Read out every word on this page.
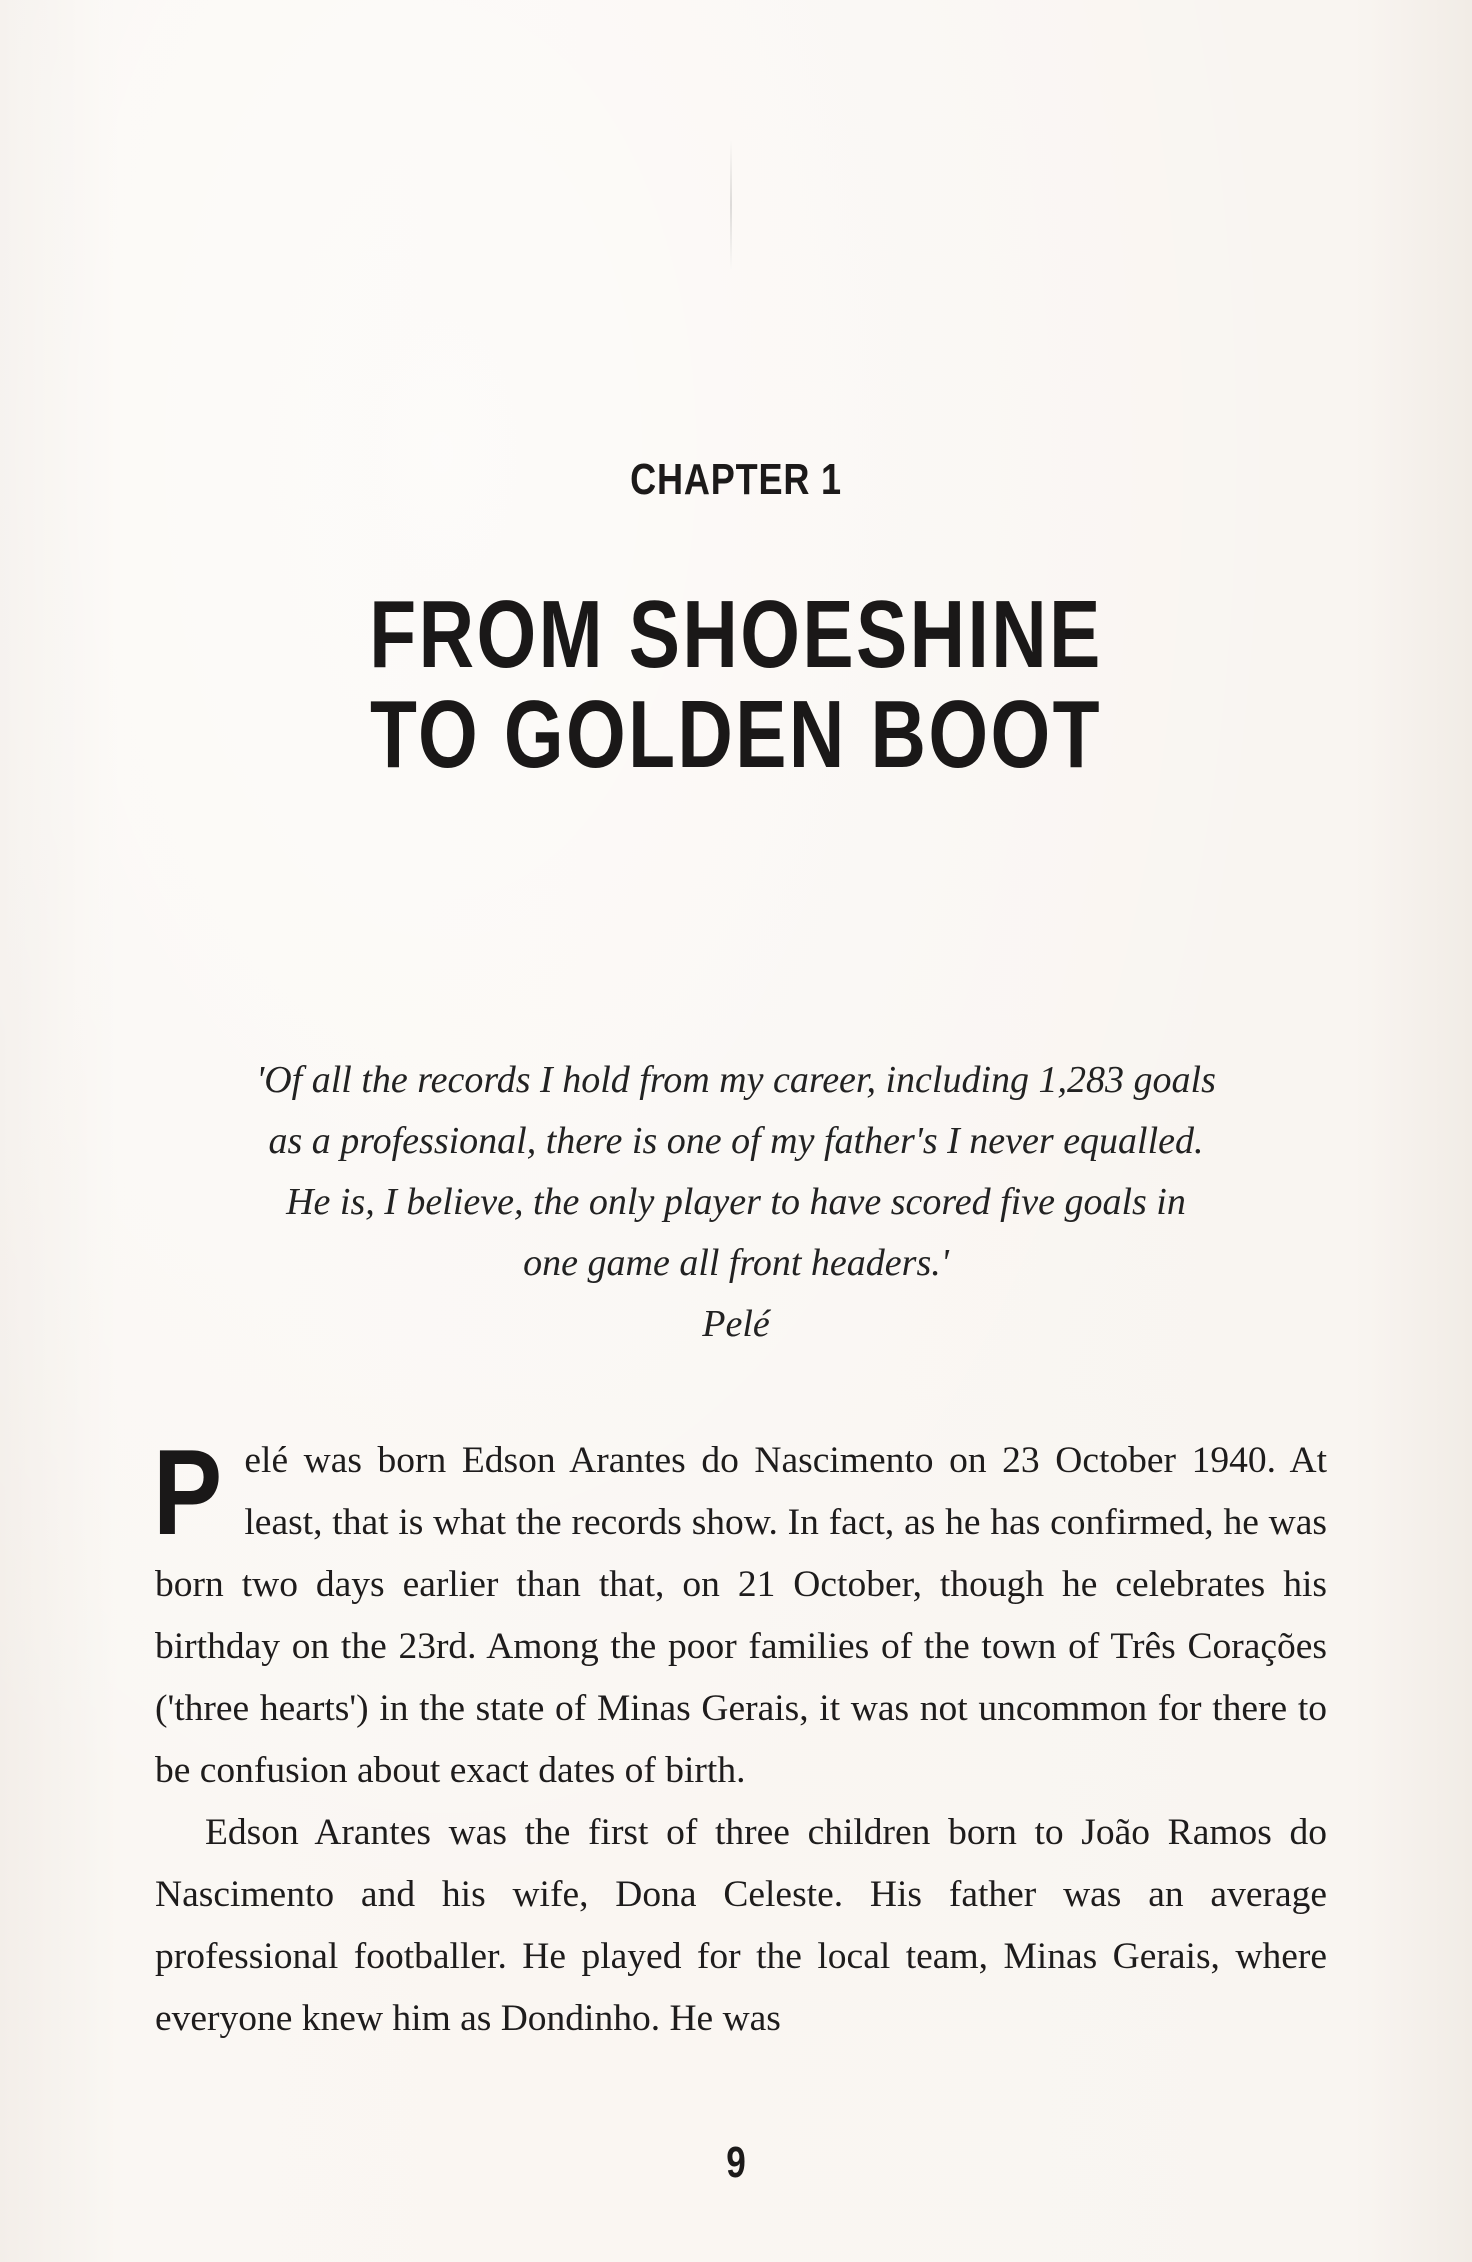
CHAPTER 1
FROM SHOESHINE
TO GOLDEN BOOT
'Of all the records I hold from my career, including 1,283 goals
as a professional, there is one of my father's I never equalled.
He is, I believe, the only player to have scored five goals in
one game all front headers.'
Pelé

Pelé was born Edson Arantes do Nascimento on 23 October 1940. At least, that is what the records show. In fact, as he has confirmed, he was born two days earlier than that, on 21 October, though he celebrates his birthday on the 23rd. Among the poor families of the town of Três Corações ('three hearts') in the state of Minas Gerais, it was not uncommon for there to be confusion about exact dates of birth.

Edson Arantes was the first of three children born to João Ramos do Nascimento and his wife, Dona Celeste. His father was an average professional footballer. He played for the local team, Minas Gerais, where everyone knew him as Dondinho. He was

9
